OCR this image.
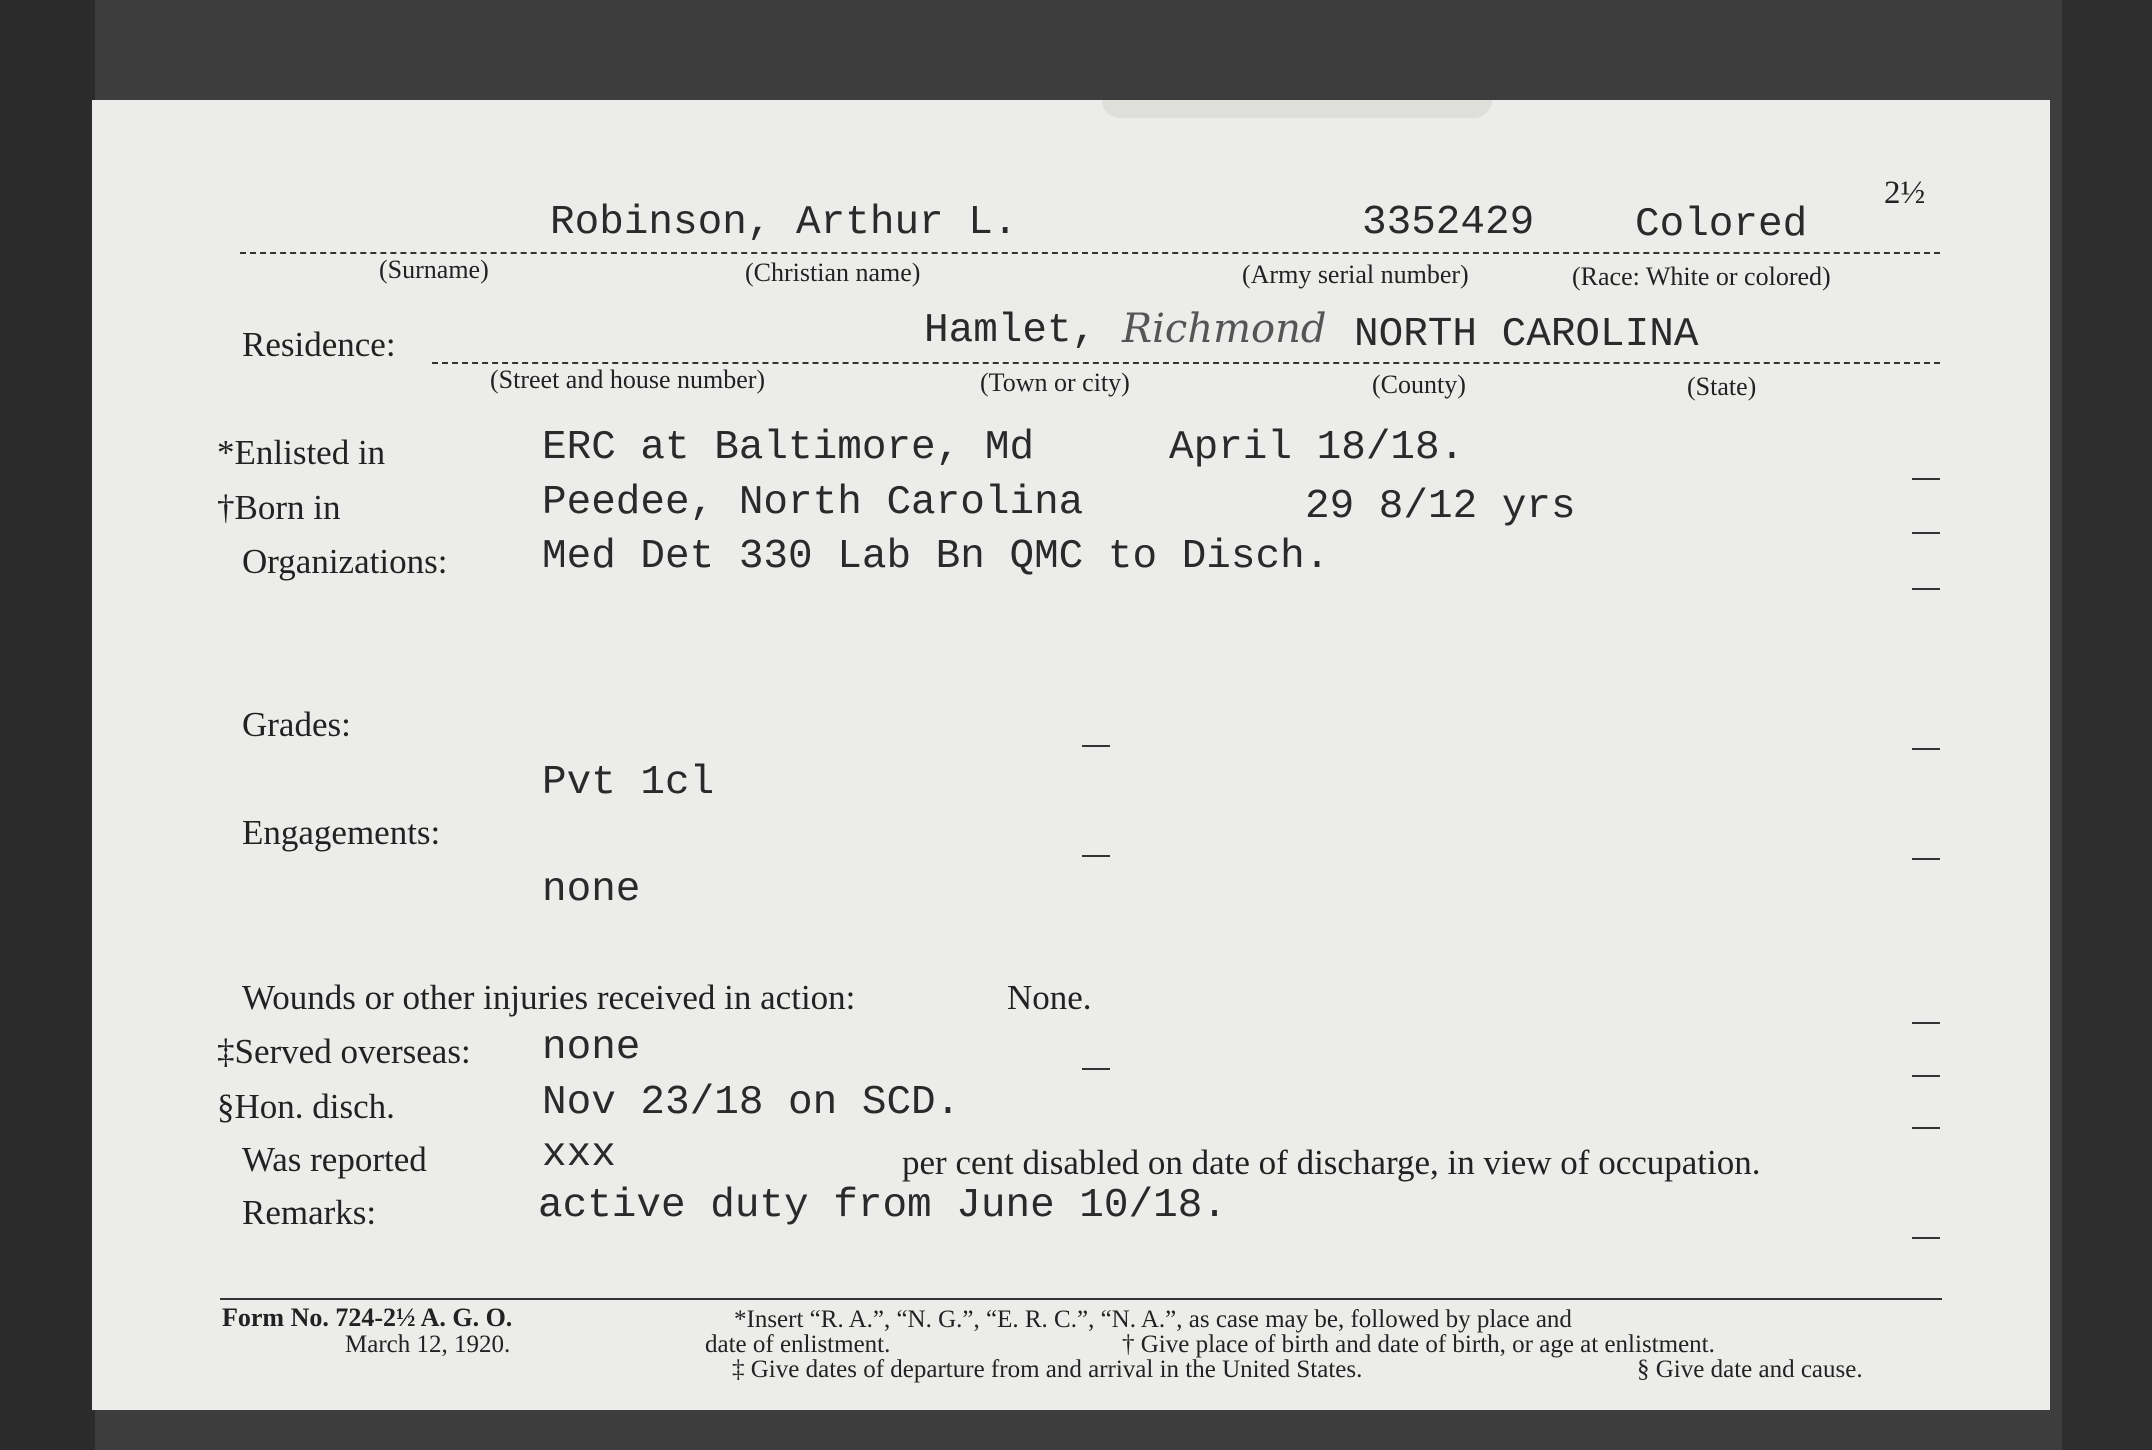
2½
Robinson, Arthur L.	3352429 Colored
(Surname)	(Christian name)	(Army serial number)	(Race: White or colored)
Residence:	Hamlet, Richmond NORTH CAROLINA
(Street and house number)	(Town or city)	(County)	(State)
*Enlisted in	ERC at Baltimore, Md	April 18/18.
†Born in	Peedee, North Carolina	29 8/12 yrs
Organizations: Med Det 330 Lab Bn QMC to Disch.
Grades:
Pvt 1cl
Engagements:
none
Wounds or other injuries received in action:	None.
‡Served overseas: none
§Hon. disch.	Nov 23/18 on SCD.
Was reported	xxx	per cent disabled on date of discharge, in view of occupation.
Remarks:	active duty from June 10/18.
Form No. 724-2½ A. G. O.
March 12, 1920.
*Insert “R. A.”, “N. G.”, “E. R. C.”, “N. A.”, as case may be, followed by place and
date of enlistment.	† Give place of birth and date of birth, or age at enlistment.
‡ Give dates of departure from and arrival in the United States.	§ Give date and cause.
